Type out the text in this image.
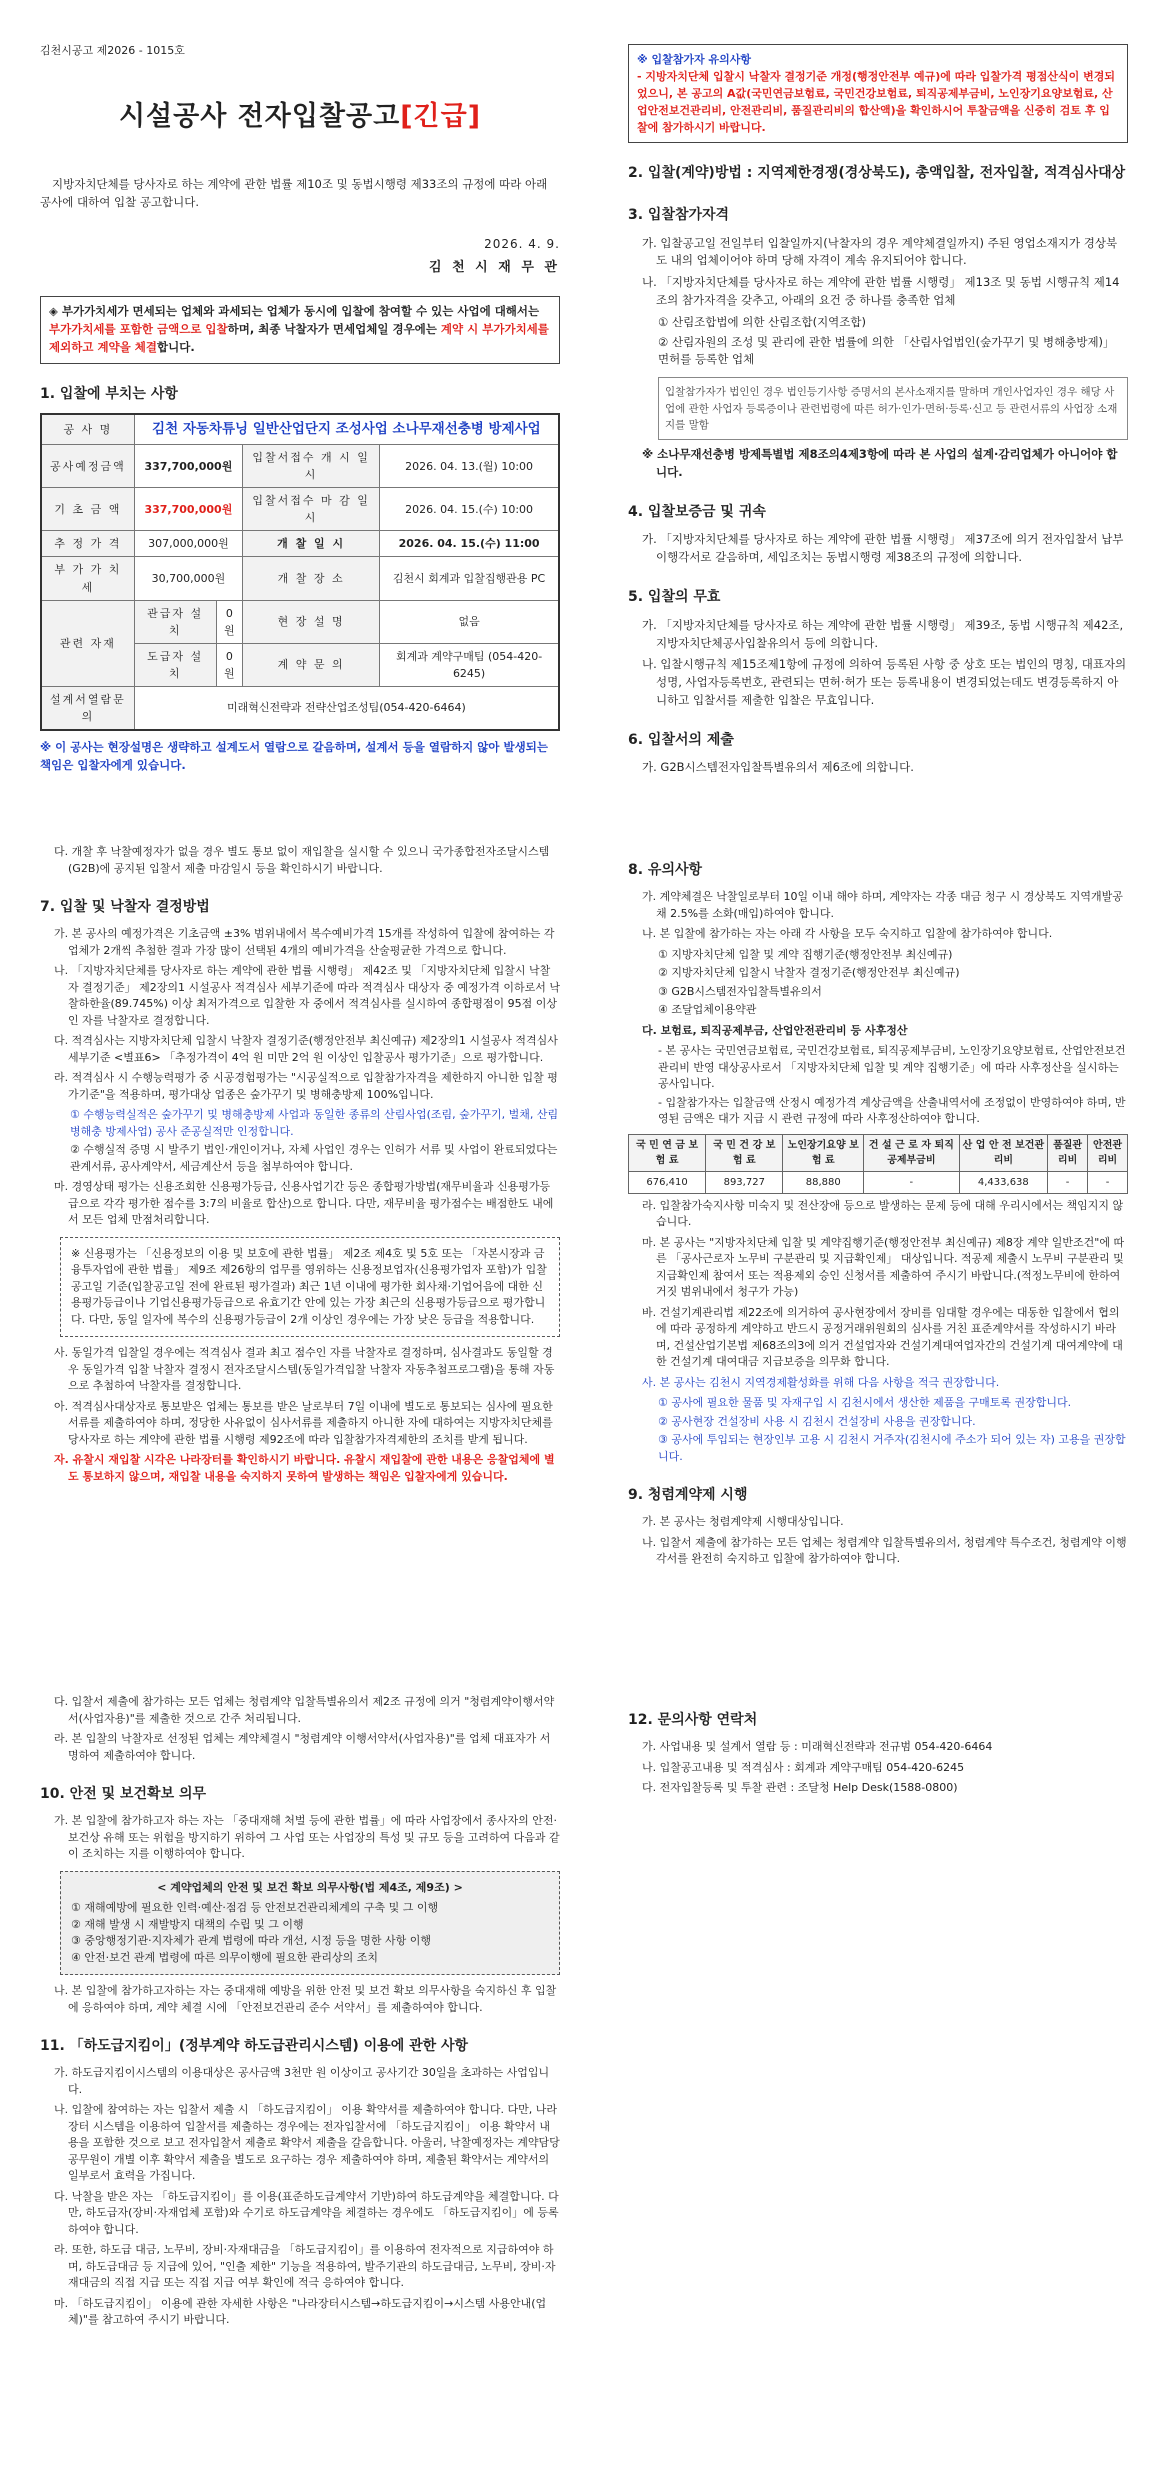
김천시공고 제2026 - 1015호
시설공사 전자입찰공고[긴급]
지방자치단체를 당사자로 하는 계약에 관한 법률 제10조 및 동법시행령 제33조의 규정에 따라 아래 공사에 대하여 입찰 공고합니다.
2026. 4. 9.
김 천 시 재 무 관
◈ 부가가치세가 면세되는 업체와 과세되는 업체가 동시에 입찰에 참여할 수 있는 사업에 대해서는 부가가치세를 포함한 금액으로 입찰하며, 최종 낙찰자가 면세업체일 경우에는 계약 시 부가가치세를 제외하고 계약을 체결합니다.
1. 입찰에 부치는 사항
공 사 명	김천 자동차튜닝 일반산업단지 조성사업 소나무재선충병 방제사업			
공사예정금액	337,700,000원		입찰서접수 개 시 일 시	2026. 04. 13.(월) 10:00
기 초 금 액	337,700,000원		입찰서접수 마 감 일 시	2026. 04. 15.(수) 10:00
추 정 가 격	307,000,000원		개 찰 일 시	2026. 04. 15.(수) 11:00
부 가 가 치 세	30,700,000원		개 찰 장 소	김천시 회계과 입찰집행관용 PC
관련 자재	관급자 설 치	0원	현 장 설 명	없음
	도급자 설 치	0원	계 약 문 의	회계과 계약구매팀 (054-420-6245)
설계서열람문의	미래혁신전략과 전략산업조성팀(054-420-6464)			
※ 이 공사는 현장설명은 생략하고 설계도서 열람으로 갈음하며, 설계서 등을 열람하지 않아 발생되는 책임은 입찰자에게 있습니다.
※ 입찰참가자 유의사항
- 지방자치단체 입찰시 낙찰자 결정기준 개정(행정안전부 예규)에 따라 입찰가격 평점산식이 변경되었으니, 본 공고의 A값(국민연금보험료, 국민건강보험료, 퇴직공제부금비, 노인장기요양보험료, 산업안전보건관리비, 안전관리비, 품질관리비의 합산액)을 확인하시어 투찰금액을 신중히 검토 후 입찰에 참가하시기 바랍니다.
2. 입찰(계약)방법 : 지역제한경쟁(경상북도), 총액입찰, 전자입찰, 적격심사대상
3. 입찰참가자격
가. 입찰공고일 전일부터 입찰일까지(낙찰자의 경우 계약체결일까지) 주된 영업소재지가 경상북도 내의 업체이어야 하며 당해 자격이 계속 유지되어야 합니다.
나. 「지방자치단체를 당사자로 하는 계약에 관한 법률 시행령」 제13조 및 동법 시행규칙 제14조의 참가자격을 갖추고, 아래의 요건 중 하나를 충족한 업체
① 산림조합법에 의한 산림조합(지역조합)
② 산림자원의 조성 및 관리에 관한 법률에 의한 「산림사업법인(숲가꾸기 및 병해충방제)」 면허를 등록한 업체
입찰참가자가 법인인 경우 법인등기사항 증명서의 본사소재지를 말하며 개인사업자인 경우 해당 사업에 관한 사업자 등록증이나 관련법령에 따른 허가·인가·면허·등록·신고 등 관련서류의 사업장 소재지를 말함
※ 소나무재선충병 방제특별법 제8조의4제3항에 따라 본 사업의 설계·감리업체가 아니어야 합니다.
4. 입찰보증금 및 귀속
가. 「지방자치단체를 당사자로 하는 계약에 관한 법률 시행령」 제37조에 의거 전자입찰서 납부이행각서로 갈음하며, 세입조치는 동법시행령 제38조의 규정에 의합니다.
5. 입찰의 무효
가. 「지방자치단체를 당사자로 하는 계약에 관한 법률 시행령」 제39조, 동법 시행규칙 제42조, 지방자치단체공사입찰유의서 등에 의합니다.
나. 입찰시행규칙 제15조제1항에 규정에 의하여 등록된 사항 중 상호 또는 법인의 명칭, 대표자의 성명, 사업자등록번호, 관련되는 면허·허가 또는 등록내용이 변경되었는데도 변경등록하지 아니하고 입찰서를 제출한 입찰은 무효입니다.
6. 입찰서의 제출
가. G2B시스템전자입찰특별유의서 제6조에 의합니다.
다. 개찰 후 낙찰예정자가 없을 경우 별도 통보 없이 재입찰을 실시할 수 있으니 국가종합전자조달시스템(G2B)에 공지된 입찰서 제출 마감일시 등을 확인하시기 바랍니다.
7. 입찰 및 낙찰자 결정방법
가. 본 공사의 예정가격은 기초금액 ±3% 범위내에서 복수예비가격 15개를 작성하여 입찰에 참여하는 각 업체가 2개씩 추첨한 결과 가장 많이 선택된 4개의 예비가격을 산술평균한 가격으로 합니다.
나. 「지방자치단체를 당사자로 하는 계약에 관한 법률 시행령」 제42조 및 「지방자치단체 입찰시 낙찰자 결정기준」 제2장의1 시설공사 적격심사 세부기준에 따라 적격심사 대상자 중 예정가격 이하로서 낙찰하한율(89.745%) 이상 최저가격으로 입찰한 자 중에서 적격심사를 실시하여 종합평점이 95점 이상인 자를 낙찰자로 결정합니다.
다. 적격심사는 지방자치단체 입찰시 낙찰자 결정기준(행정안전부 최신예규) 제2장의1 시설공사 적격심사 세부기준 <별표6> 「추정가격이 4억 원 미만 2억 원 이상인 입찰공사 평가기준」으로 평가합니다.
라. 적격심사 시 수행능력평가 중 시공경험평가는 "시공실적으로 입찰참가자격을 제한하지 아니한 입찰 평가기준"을 적용하며, 평가대상 업종은 숲가꾸기 및 병해충방제 100%입니다.
① 수행능력실적은 숲가꾸기 및 병해충방제 사업과 동일한 종류의 산림사업(조림, 숲가꾸기, 벌채, 산림병해충 방제사업) 공사 준공실적만 인정합니다.
② 수행실적 증명 시 발주기 법인·개인이거나, 자체 사업인 경우는 인허가 서류 및 사업이 완료되었다는 관계서류, 공사계약서, 세금계산서 등을 첨부하여야 합니다.
마. 경영상태 평가는 신용조회한 신용평가등급, 신용사업기간 등은 종합평가방법(재무비율과 신용평가등급으로 각각 평가한 점수를 3:7의 비율로 합산)으로 합니다. 다만, 재무비율 평가점수는 배점한도 내에서 모든 업체 만점처리합니다.
※ 신용평가는 「신용정보의 이용 및 보호에 관한 법률」 제2조 제4호 및 5호 또는 「자본시장과 금융투자업에 관한 법률」 제9조 제26항의 업무를 영위하는 신용정보업자(신용평가업자 포함)가 입찰공고일 기준(입찰공고일 전에 완료된 평가결과) 최근 1년 이내에 평가한 회사채·기업어음에 대한 신용평가등급이나 기업신용평가등급으로 유효기간 안에 있는 가장 최근의 신용평가등급으로 평가합니다. 다만, 동일 일자에 복수의 신용평가등급이 2개 이상인 경우에는 가장 낮은 등급을 적용합니다.
사. 동일가격 입찰일 경우에는 적격심사 결과 최고 점수인 자를 낙찰자로 결정하며, 심사결과도 동일할 경우 동일가격 입찰 낙찰자 결정시 전자조달시스템(동일가격입찰 낙찰자 자동추첨프로그램)을 통해 자동으로 추첨하여 낙찰자를 결정합니다.
아. 적격심사대상자로 통보받은 업체는 통보를 받은 날로부터 7일 이내에 별도로 통보되는 심사에 필요한 서류를 제출하여야 하며, 정당한 사유없이 심사서류를 제출하지 아니한 자에 대하여는 지방자치단체를 당사자로 하는 계약에 관한 법률 시행령 제92조에 따라 입찰참가자격제한의 조치를 받게 됩니다.
자. 유찰시 재입찰 시각은 나라장터를 확인하시기 바랍니다. 유찰시 재입찰에 관한 내용은 응찰업체에 별도 통보하지 않으며, 재입찰 내용을 숙지하지 못하여 발생하는 책임은 입찰자에게 있습니다.
8. 유의사항
가. 계약체결은 낙찰일로부터 10일 이내 해야 하며, 계약자는 각종 대금 청구 시 경상북도 지역개발공채 2.5%를 소화(매입)하여야 합니다.
나. 본 입찰에 참가하는 자는 아래 각 사항을 모두 숙지하고 입찰에 참가하여야 합니다.
① 지방자치단체 입찰 및 계약 집행기준(행정안전부 최신예규)
② 지방자치단체 입찰시 낙찰자 결정기준(행정안전부 최신예규)
③ G2B시스템전자입찰특별유의서
④ 조달업체이용약관
다. 보험료, 퇴직공제부금, 산업안전관리비 등 사후정산
- 본 공사는 국민연금보험료, 국민건강보험료, 퇴직공제부금비, 노인장기요양보험료, 산업안전보건관리비 반영 대상공사로서 「지방자치단체 입찰 및 계약 집행기준」에 따라 사후정산을 실시하는 공사입니다.
- 입찰참가자는 입찰금액 산정시 예정가격 계상금액을 산출내역서에 조정없이 반영하여야 하며, 반영된 금액은 대가 지급 시 관련 규정에 따라 사후정산하여야 합니다.
국 민 연 금 보 험 료	국 민 건 강 보 험 료	노인장기요양 보 험 료	건 설 근 로 자 퇴직공제부금비	산 업 안 전 보건관리비	품질관리비	안전관리비
676,410	893,727	88,880	-	4,433,638	-	-
라. 입찰참가숙지사항 미숙지 및 전산장애 등으로 발생하는 문제 등에 대해 우리시에서는 책임지지 않습니다.
마. 본 공사는 "지방자치단체 입찰 및 계약집행기준(행정안전부 최신예규) 제8장 계약 일반조건"에 따른 「공사근로자 노무비 구분관리 및 지급확인제」 대상입니다. 적공제 제출시 노무비 구분관리 및 지급확인제 참여서 또는 적용제외 승인 신청서를 제출하여 주시기 바랍니다.(적정노무비에 한하여 거짓 범위내에서 청구가 가능)
바. 건설기계관리법 제22조에 의거하여 공사현장에서 장비를 임대할 경우에는 대동한 입찰에서 협의에 따라 공정하게 계약하고 반드시 공정거래위원회의 심사를 거친 표준계약서를 작성하시기 바라며, 건설산업기본법 제68조의3에 의거 건설업자와 건설기계대여업자간의 건설기계 대여계약에 대한 건설기계 대여대금 지급보증을 의무화 합니다.
사. 본 공사는 김천시 지역경제활성화를 위해 다음 사항을 적극 권장합니다.
① 공사에 필요한 물품 및 자재구입 시 김천시에서 생산한 제품을 구매토록 권장합니다.
② 공사현장 건설장비 사용 시 김천시 건설장비 사용을 권장합니다.
③ 공사에 투입되는 현장인부 고용 시 김천시 거주자(김천시에 주소가 되어 있는 자) 고용을 권장합니다.
9. 청렴계약제 시행
가. 본 공사는 청렴계약제 시행대상입니다.
나. 입찰서 제출에 참가하는 모든 업체는 청렴계약 입찰특별유의서, 청렴계약 특수조건, 청렴계약 이행각서를 완전히 숙지하고 입찰에 참가하여야 합니다.
다. 입찰서 제출에 참가하는 모든 업체는 청렴계약 입찰특별유의서 제2조 규정에 의거 "청렴계약이행서약서(사업자용)"를 제출한 것으로 간주 처리됩니다.
라. 본 입찰의 낙찰자로 선정된 업체는 계약체결시 "청렴계약 이행서약서(사업자용)"를 업체 대표자가 서명하여 제출하여야 합니다.
10. 안전 및 보건확보 의무
가. 본 입찰에 참가하고자 하는 자는 「중대재해 처벌 등에 관한 법률」에 따라 사업장에서 종사자의 안전·보건상 유해 또는 위험을 방지하기 위하여 그 사업 또는 사업장의 특성 및 규모 등을 고려하여 다음과 같이 조치하는 지를 이행하여야 합니다.
< 계약업체의 안전 및 보건 확보 의무사항(법 제4조, 제9조) >
① 재해예방에 필요한 인력·예산·점검 등 안전보건관리체계의 구축 및 그 이행
② 재해 발생 시 재발방지 대책의 수립 및 그 이행
③ 중앙행정기관·지자체가 관계 법령에 따라 개선, 시정 등을 명한 사항 이행
④ 안전·보건 관계 법령에 따른 의무이행에 필요한 관리상의 조치
나. 본 입찰에 참가하고자하는 자는 중대재해 예방을 위한 안전 및 보건 확보 의무사항을 숙지하신 후 입찰에 응하여야 하며, 계약 체결 시에 「안전보건관리 준수 서약서」를 제출하여야 합니다.
11. 「하도급지킴이」(정부계약 하도급관리시스템) 이용에 관한 사항
가. 하도급지킴이시스템의 이용대상은 공사금액 3천만 원 이상이고 공사기간 30일을 초과하는 사업입니다.
나. 입찰에 참여하는 자는 입찰서 제출 시 「하도급지킴이」 이용 확약서를 제출하여야 합니다. 다만, 나라장터 시스템을 이용하여 입찰서를 제출하는 경우에는 전자입찰서에 「하도급지킴이」 이용 확약서 내용을 포함한 것으로 보고 전자입찰서 제출로 확약서 제출을 갈음합니다. 아울러, 낙찰예정자는 계약담당공무원이 개별 이후 확약서 제출을 별도로 요구하는 경우 제출하여야 하며, 제출된 확약서는 계약서의 일부로서 효력을 가집니다.
다. 낙찰을 받은 자는 「하도급지킴이」를 이용(표준하도급계약서 기반)하여 하도급계약을 체결합니다. 다만, 하도급자(장비·자재업체 포함)와 수기로 하도급계약을 체결하는 경우에도 「하도급지킴이」에 등록하여야 합니다.
라. 또한, 하도급 대금, 노무비, 장비·자재대금을 「하도급지킴이」를 이용하여 전자적으로 지급하여야 하며, 하도급대금 등 지급에 있어, "인출 제한" 기능을 적용하여, 발주기관의 하도급대금, 노무비, 장비·자재대금의 직접 지급 또는 직접 지급 여부 확인에 적극 응하여야 합니다.
마. 「하도급지킴이」 이용에 관한 자세한 사항은 "나라장터시스템→하도급지킴이→시스템 사용안내(업체)"를 참고하여 주시기 바랍니다.
12. 문의사항 연락처
가. 사업내용 및 설계서 열람 등 : 미래혁신전략과 전규범 054-420-6464
나. 입찰공고내용 및 적격심사 : 회계과 계약구매팀 054-420-6245
다. 전자입찰등록 및 투찰 관련 : 조달청 Help Desk(1588-0800)
